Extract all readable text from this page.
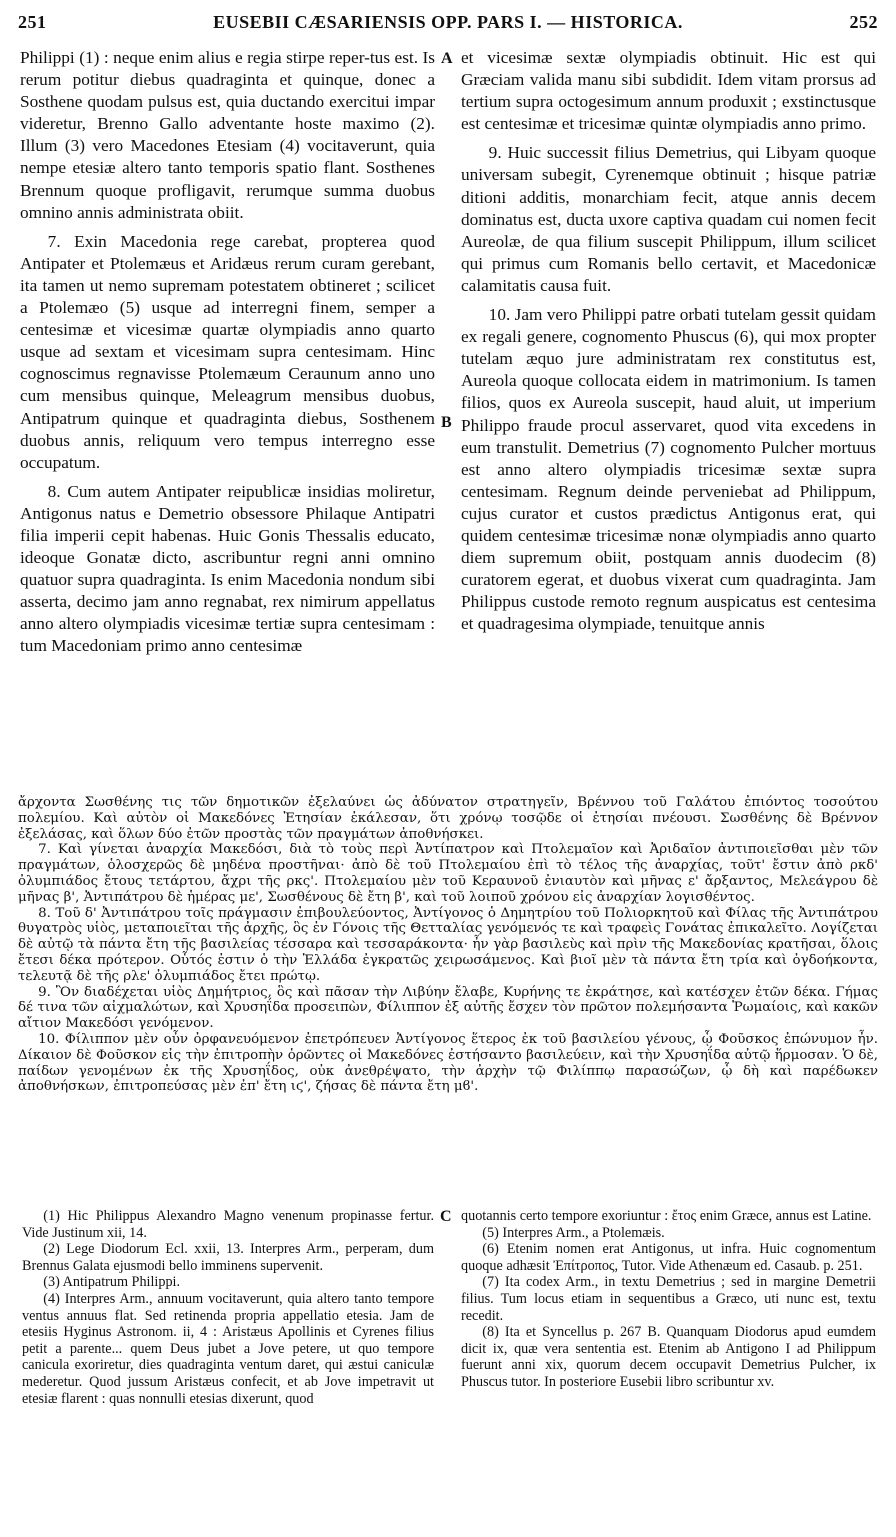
251	EUSEBII CÆSARIENSIS OPP. PARS I. — HISTORICA.	252

Philippi (1) : neque enim alius e regia stirpe reper-tus est. Is rerum potitur diebus quadraginta et quinque, donec a Sosthene quodam pulsus est, quia ductando exercitui impar videretur, Brenno Gallo adventante hoste maximo (2). Illum (3) vero Macedones Etesiam (4) vocitaverunt, quia nempe etesiæ altero tanto temporis spatio flant. Sosthenes Brennum quoque profligavit, rerumque summa duobus omnino annis administrata obiit.

7. Exin Macedonia rege carebat, propterea quod Antipater et Ptolemæus et Aridæus rerum curam gerebant, ita tamen ut nemo supremam potestatem obtineret ; scilicet a Ptolemæo (5) usque ad interregni finem, semper a centesimæ et vicesimæ quartæ olympiadis anno quarto usque ad sextam et vicesimam supra centesimam. Hinc cognoscimus regnavisse Ptolemæum Ceraunum anno uno cum mensibus quinque, Meleagrum mensibus duobus, Antipatrum quinque et quadraginta diebus, Sosthenem duobus annis, reliquum vero tempus interregno esse occupatum.

8. Cum autem Antipater reipublicæ insidias moliretur, Antigonus natus e Demetrio obsessore Philaque Antipatri filia imperii cepit habenas. Huic Gonis Thessalis educato, ideoque Gonatæ dicto, ascribuntur regni anni omnino quatuor supra quadraginta. Is enim Macedonia nondum sibi asserta, decimo jam anno regnabat, rex nimirum appellatus anno altero olympiadis vicesimæ tertiæ supra centesimam : tum Macedoniam primo anno centesimæ

A
B

et vicesimæ sextæ olympiadis obtinuit. Hic est qui Græciam valida manu sibi subdidit. Idem vitam prorsus ad tertium supra octogesimum annum produxit ; exstinctusque est centesimæ et tricesimæ quintæ olympiadis anno primo.

9. Huic successit filius Demetrius, qui Libyam quoque universam subegit, Cyrenemque obtinuit ; hisque patriæ ditioni additis, monarchiam fecit, atque annis decem dominatus est, ducta uxore captiva quadam cui nomen fecit Aureolæ, de qua filium suscepit Philippum, illum scilicet qui primus cum Romanis bello certavit, et Macedonicæ calamitatis causa fuit.

10. Jam vero Philippi patre orbati tutelam gessit quidam ex regali genere, cognomento Phuscus (6), qui mox propter tutelam æquo jure administratam rex constitutus est, Aureola quoque collocata eidem in matrimonium. Is tamen filios, quos ex Aureola suscepit, haud aluit, ut imperium Philippo fraude procul asservaret, quod vita excedens in eum transtulit. Demetrius (7) cognomento Pulcher mortuus est anno altero olympiadis tricesimæ sextæ supra centesimam. Regnum deinde perveniebat ad Philippum, cujus curator et custos prædictus Antigonus erat, qui quidem centesimæ tricesimæ nonæ olympiadis anno quarto diem supremum obiit, postquam annis duodecim (8) curatorem egerat, et duobus vixerat cum quadraginta. Jam Philippus custode remoto regnum auspicatus est centesima et quadragesima olympiade, tenuitque annis

ἄρχοντα Σωσθένης τις τῶν δημοτικῶν ἐξελαύνει ὡς ἀδύνατον στρατηγεῖν, Βρέννου τοῦ Γαλάτου ἐπιόντος τοσούτου πολεμίου. Καὶ αὐτὸν οἱ Μακεδόνες Ἐτησίαν ἐκάλεσαν, ὅτι χρόνῳ τοσῷδε οἱ ἐτησίαι πνέουσι. Σωσθένης δὲ Βρέννον ἐξελάσας, καὶ ὅλων δύο ἐτῶν προστὰς τῶν πραγμάτων ἀποθνήσκει.

7. Καὶ γίνεται ἀναρχία Μακεδόσι, διὰ τὸ τοὺς περὶ Ἀντίπατρον καὶ Πτολεμαῖον καὶ Ἀριδαῖον ἀντιποιεῖσθαι μὲν τῶν πραγμάτων, ὁλοσχερῶς δὲ μηδένα προστῆναι· ἀπὸ δὲ τοῦ Πτολεμαίου ἐπὶ τὸ τέλος τῆς ἀναρχίας, τοῦτ' ἔστιν ἀπὸ ρκδ' ὀλυμπιάδος ἔτους τετάρτου, ἄχρι τῆς ρκς'. Πτολεμαίου μὲν τοῦ Κεραυνοῦ ἐνιαυτὸν καὶ μῆνας ε' ἄρξαντος, Μελεάγρου δὲ μῆνας β', Ἀντιπάτρου δὲ ἡμέρας με', Σωσθένους δὲ ἔτη β', καὶ τοῦ λοιποῦ χρόνου εἰς ἀναρχίαν λογισθέντος.

8. Τοῦ δ' Ἀντιπάτρου τοῖς πράγμασιν ἐπιβουλεύοντος, Ἀντίγονος ὁ Δημητρίου τοῦ Πολιορκητοῦ καὶ Φίλας τῆς Ἀντιπάτρου θυγατρὸς υἱὸς, μεταποιεῖται τῆς ἀρχῆς, ὃς ἐν Γόνοις τῆς Θετταλίας γενόμενός τε καὶ τραφεὶς Γονάτας ἐπικαλεῖτο. Λογίζεται δὲ αὐτῷ τὰ πάντα ἔτη τῆς βασιλείας τέσσαρα καὶ τεσσαράκοντα· ἦν γὰρ βασιλεὺς καὶ πρὶν τῆς Μακεδονίας κρατῆσαι, ὅλοις ἔτεσι δέκα πρότερον. Οὗτός ἐστιν ὁ τὴν Ἑλλάδα ἐγκρατῶς χειρωσάμενος. Καὶ βιοῖ μὲν τὰ πάντα ἔτη τρία καὶ ὀγδοήκοντα, τελευτᾷ δὲ τῆς ρλε' ὀλυμπιάδος ἔτει πρώτῳ.

9. Ὃν διαδέχεται υἱὸς Δημήτριος, ὃς καὶ πᾶσαν τὴν Λιβύην ἔλαβε, Κυρήνης τε ἐκράτησε, καὶ κατέσχεν ἐτῶν δέκα. Γήμας δέ τινα τῶν αἰχμαλώτων, καὶ Χρυσηΐδα προσειπὼν, Φίλιππον ἐξ αὐτῆς ἔσχεν τὸν πρῶτον πολεμήσαντα Ῥωμαίοις, καὶ κακῶν αἴτιον Μακεδόσι γενόμενον.

10. Φίλιππον μὲν οὖν ὀρφανευόμενον ἐπετρόπευεν Ἀντίγονος ἕτερος ἐκ τοῦ βασιλείου γένους, ᾧ Φοῦσκος ἐπώνυμον ἦν. Δίκαιον δὲ Φοῦσκον εἰς τὴν ἐπιτροπὴν ὁρῶντες οἱ Μακεδόνες ἐστήσαντο βασιλεύειν, καὶ τὴν Χρυσηΐδα αὐτῷ ἥρμοσαν. Ὁ δὲ, παίδων γενομένων ἐκ τῆς Χρυσηΐδος, οὐκ ἀνεθρέψατο, τὴν ἀρχὴν τῷ Φιλίππῳ παρασώζων, ᾧ δὴ καὶ παρέδωκεν ἀποθνήσκων, ἐπιτροπεύσας μὲν ἐπ' ἔτη ιϛ', ζήσας δὲ πάντα ἔτη μϐ'.

(1) Hic Philippus Alexandro Magno venenum propinasse fertur. Vide Justinum xii, 14.

(2) Lege Diodorum Ecl. xxii, 13. Interpres Arm., perperam, dum Brennus Galata ejusmodi bello imminens supervenit.

(3) Antipatrum Philippi.

(4) Interpres Arm., annuum vocitaverunt, quia altero tanto tempore ventus annuus flat. Sed retinenda propria appellatio etesia. Jam de etesiis Hyginus Astronom. ii, 4 : Aristæus Apollinis et Cyrenes filius petit a parente... quem Deus jubet a Jove petere, ut quo tempore canicula exoriretur, dies quadraginta ventum daret, qui æstui caniculæ mederetur. Quod jussum Aristæus confecit, et ab Jove impetravit ut etesiæ flarent : quas nonnulli etesias dixerunt, quod

C quotannis certo tempore exoriuntur : ἔτος enim Græce, annus est Latine.

(5) Interpres Arm., a Ptolemæis.

(6) Etenim nomen erat Antigonus, ut infra. Huic cognomentum quoque adhæsit Ἐπίτροπος, Tutor. Vide Athenæum ed. Casaub. p. 251.

(7) Ita codex Arm., in textu Demetrius ; sed in margine Demetrii filius. Tum locus etiam in sequentibus a Græco, uti nunc est, textu recedit.

(8) Ita et Syncellus p. 267 B. Quanquam Diodorus apud eumdem dicit ix, quæ vera sententia est. Etenim ab Antigono I ad Philippum fuerunt anni xix, quorum decem occupavit Demetrius Pulcher, ix Phuscus tutor. In posteriore Eusebii libro scribuntur xv.
